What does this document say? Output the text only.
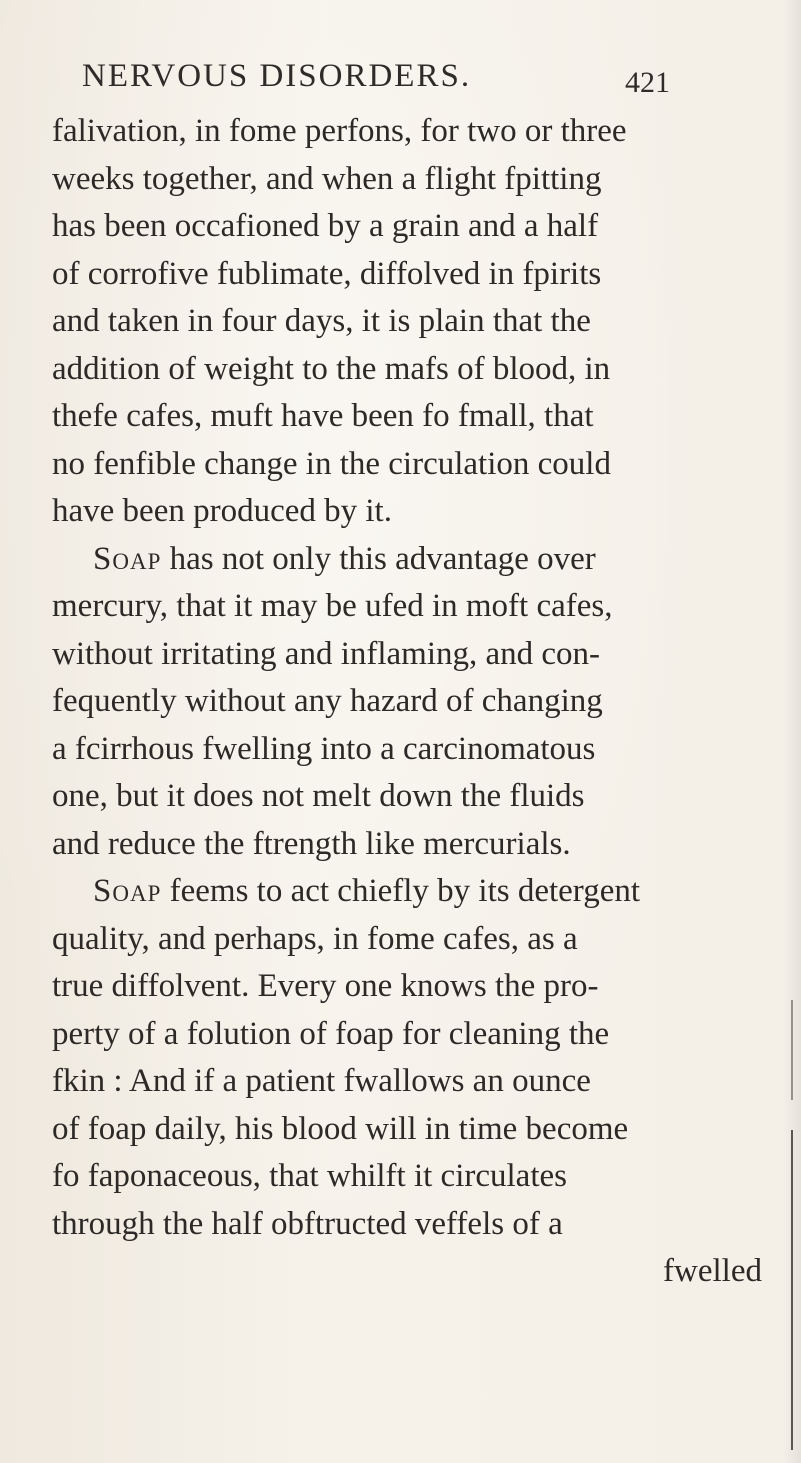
NERVOUS DISORDERS.	421
falivation, in fome perfons, for two or three
weeks together, and when a flight fpitting
has been occafioned by a grain and a half
of corrofive fublimate, diffolved in fpirits
and taken in four days, it is plain that the
addition of weight to the mafs of blood, in
thefe cafes, muft have been fo fmall, that
no fenfible change in the circulation could
have been produced by it.
Soap has not only this advantage over
mercury, that it may be ufed in moft cafes,
without irritating and inflaming, and con-
fequently without any hazard of changing
a fcirrhous fwelling into a carcinomatous
one, but it does not melt down the fluids
and reduce the ftrength like mercurials.
Soap feems to act chiefly by its detergent
quality, and perhaps, in fome cafes, as a
true diffolvent. Every one knows the pro-
perty of a folution of foap for cleaning the
fkin : And if a patient fwallows an ounce
of foap daily, his blood will in time become
fo faponaceous, that whilft it circulates
through the half obftructed veffels of a
fwelled
